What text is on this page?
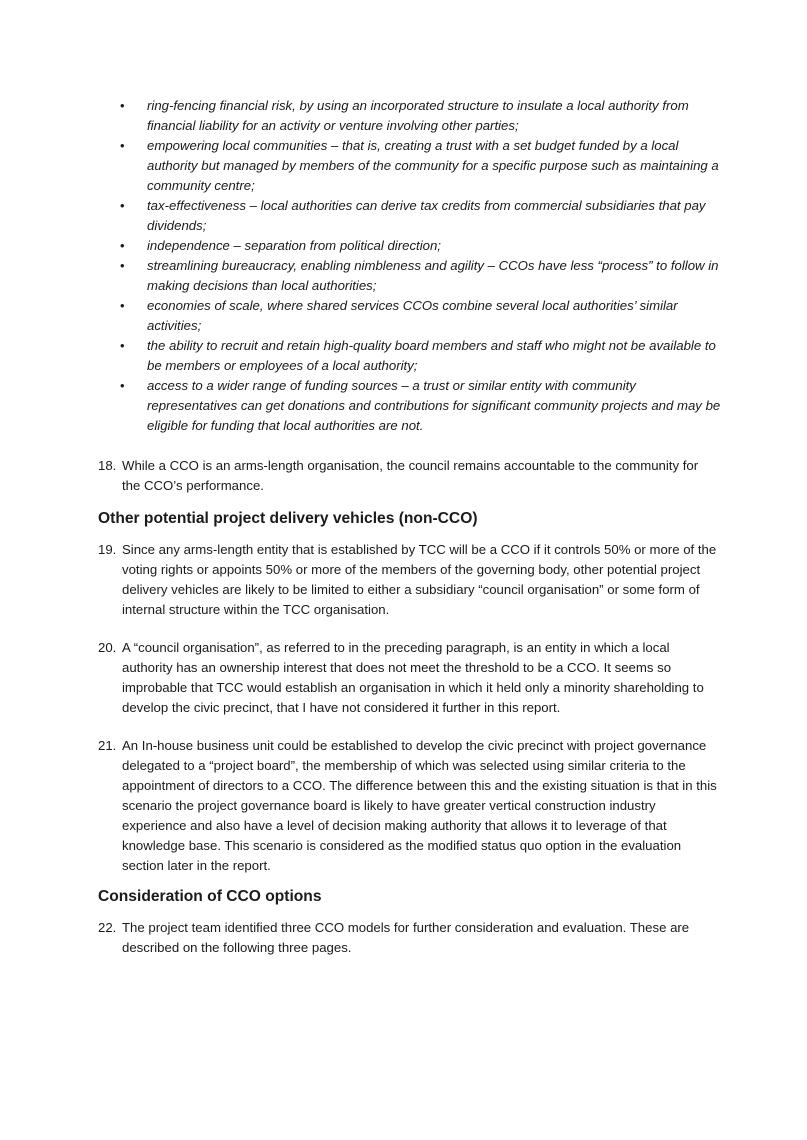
• ring-fencing financial risk, by using an incorporated structure to insulate a local authority from financial liability for an activity or venture involving other parties;
• empowering local communities – that is, creating a trust with a set budget funded by a local authority but managed by members of the community for a specific purpose such as maintaining a community centre;
• tax-effectiveness – local authorities can derive tax credits from commercial subsidiaries that pay dividends;
• independence – separation from political direction;
• streamlining bureaucracy, enabling nimbleness and agility – CCOs have less “process” to follow in making decisions than local authorities;
• economies of scale, where shared services CCOs combine several local authorities’ similar activities;
• the ability to recruit and retain high-quality board members and staff who might not be available to be members or employees of a local authority;
• access to a wider range of funding sources – a trust or similar entity with community representatives can get donations and contributions for significant community projects and may be eligible for funding that local authorities are not.
18. While a CCO is an arms-length organisation, the council remains accountable to the community for the CCO’s performance.
Other potential project delivery vehicles (non-CCO)
19. Since any arms-length entity that is established by TCC will be a CCO if it controls 50% or more of the voting rights or appoints 50% or more of the members of the governing body, other potential project delivery vehicles are likely to be limited to either a subsidiary “council organisation” or some form of internal structure within the TCC organisation.
20. A “council organisation”, as referred to in the preceding paragraph, is an entity in which a local authority has an ownership interest that does not meet the threshold to be a CCO. It seems so improbable that TCC would establish an organisation in which it held only a minority shareholding to develop the civic precinct, that I have not considered it further in this report.
21. An In-house business unit could be established to develop the civic precinct with project governance delegated to a “project board”, the membership of which was selected using similar criteria to the appointment of directors to a CCO. The difference between this and the existing situation is that in this scenario the project governance board is likely to have greater vertical construction industry experience and also have a level of decision making authority that allows it to leverage of that knowledge base. This scenario is considered as the modified status quo option in the evaluation section later in the report.
Consideration of CCO options
22. The project team identified three CCO models for further consideration and evaluation. These are described on the following three pages.
